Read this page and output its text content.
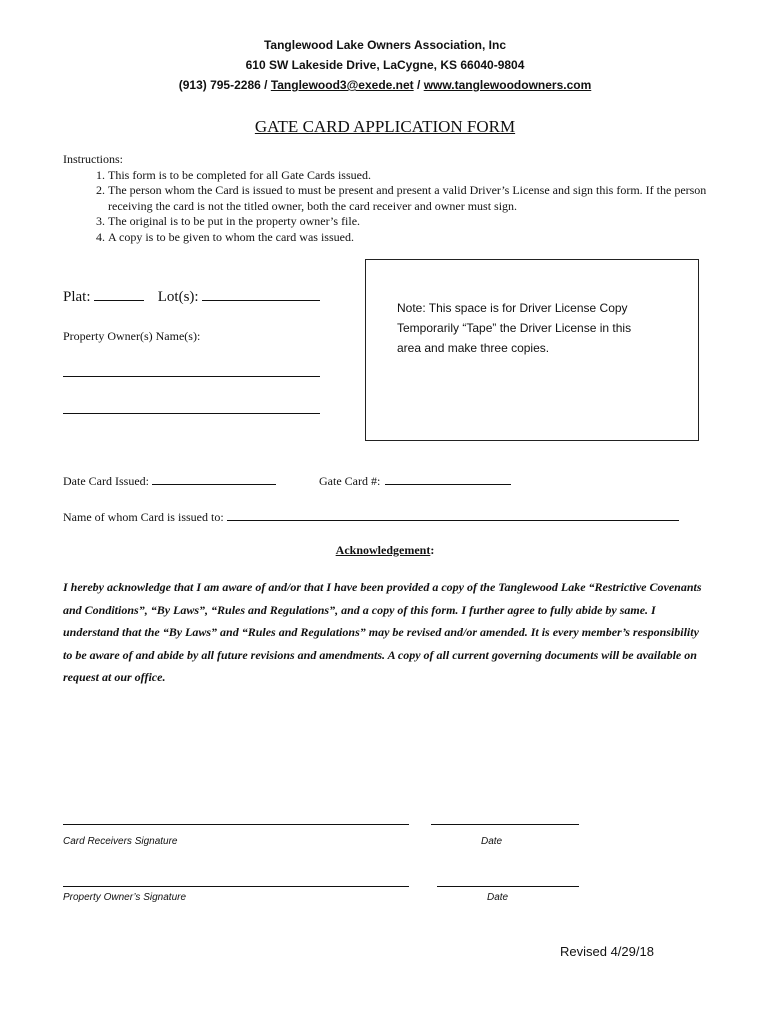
Tanglewood Lake Owners Association, Inc
610 SW Lakeside Drive, LaCygne, KS 66040-9804
(913) 795-2286 / Tanglewood3@exede.net / www.tanglewoodowners.com
GATE CARD APPLICATION FORM
Instructions:
1. This form is to be completed for all Gate Cards issued.
2. The person whom the Card is issued to must be present and present a valid Driver’s License and sign this form. If the person receiving the card is not the titled owner, both the card receiver and owner must sign.
3. The original is to be put in the property owner’s file.
4. A copy is to be given to whom the card was issued.
Plat:	Lot(s):
Property Owner(s) Name(s):
Note: This space is for Driver License Copy
Temporarily “Tape” the Driver License in this
area and make three copies.
Date Card Issued:	Gate Card #:
Name of whom Card is issued to:
Acknowledgement:
I hereby acknowledge that I am aware of and/or that I have been provided a copy of the Tanglewood Lake “Restrictive Covenants and Conditions”, “By Laws”, “Rules and Regulations”, and a copy of this form. I further agree to fully abide by same. I understand that the “By Laws” and “Rules and Regulations” may be revised and/or amended. It is every member’s responsibility to be aware of and abide by all future revisions and amendments. A copy of all current governing documents will be available on request at our office.
Card Receivers Signature	Date
Property Owner’s Signature	Date
Revised 4/29/18
